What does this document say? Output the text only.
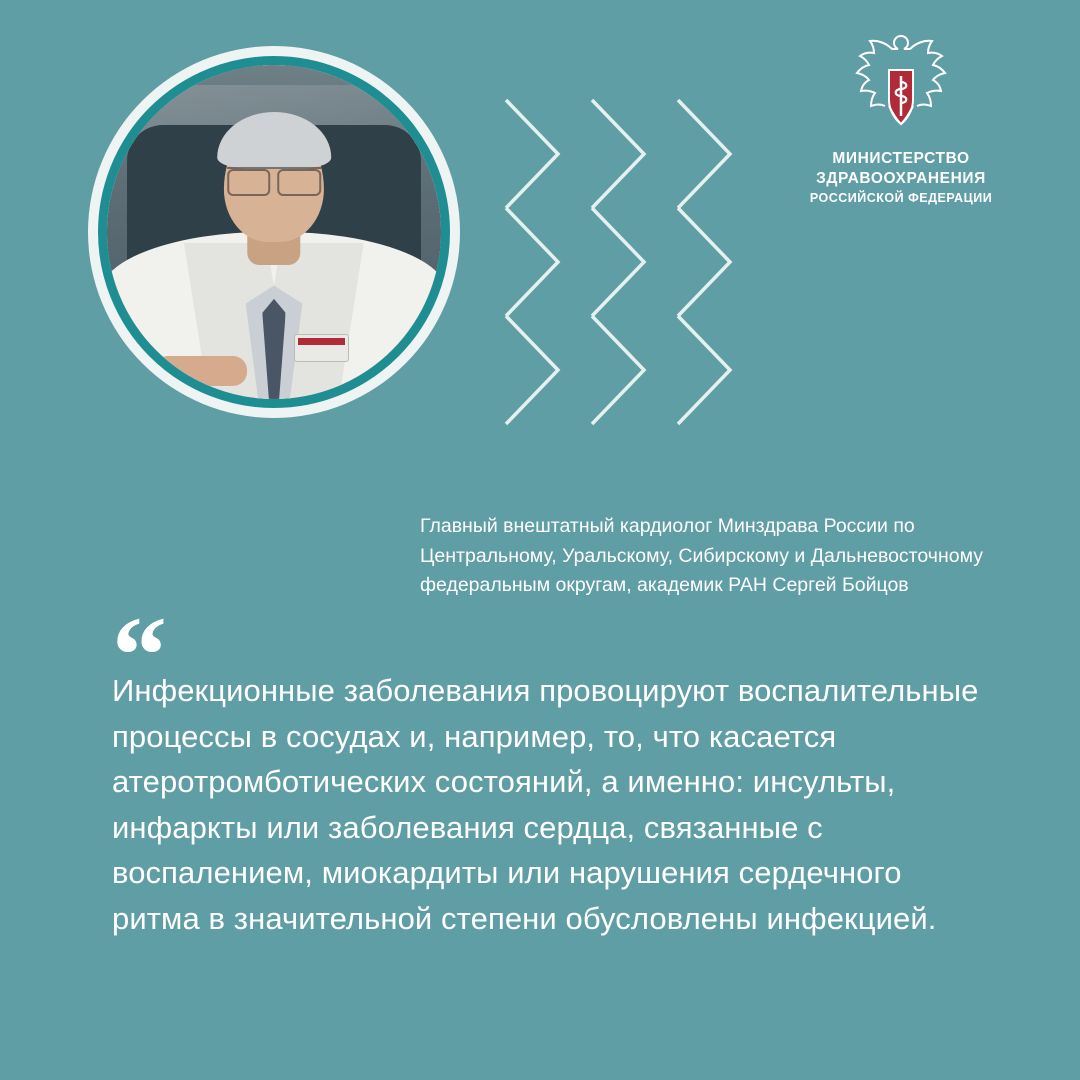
МИНИСТЕРСТВО
ЗДРАВООХРАНЕНИЯ
РОССИЙСКОЙ ФЕДЕРАЦИИ
Главный внештатный кардиолог Минздрава России по Центральному, Уральскому, Сибирскому и Дальневосточному федеральным округам, академик РАН Сергей Бойцов
“
Инфекционные заболевания провоцируют воспалительные процессы в сосудах и, например, то, что касается атеротромботических состояний, а именно: инсульты, инфаркты или заболевания сердца, связанные с воспалением, миокардиты или нарушения сердечного ритма в значительной степени обусловлены инфекцией.
